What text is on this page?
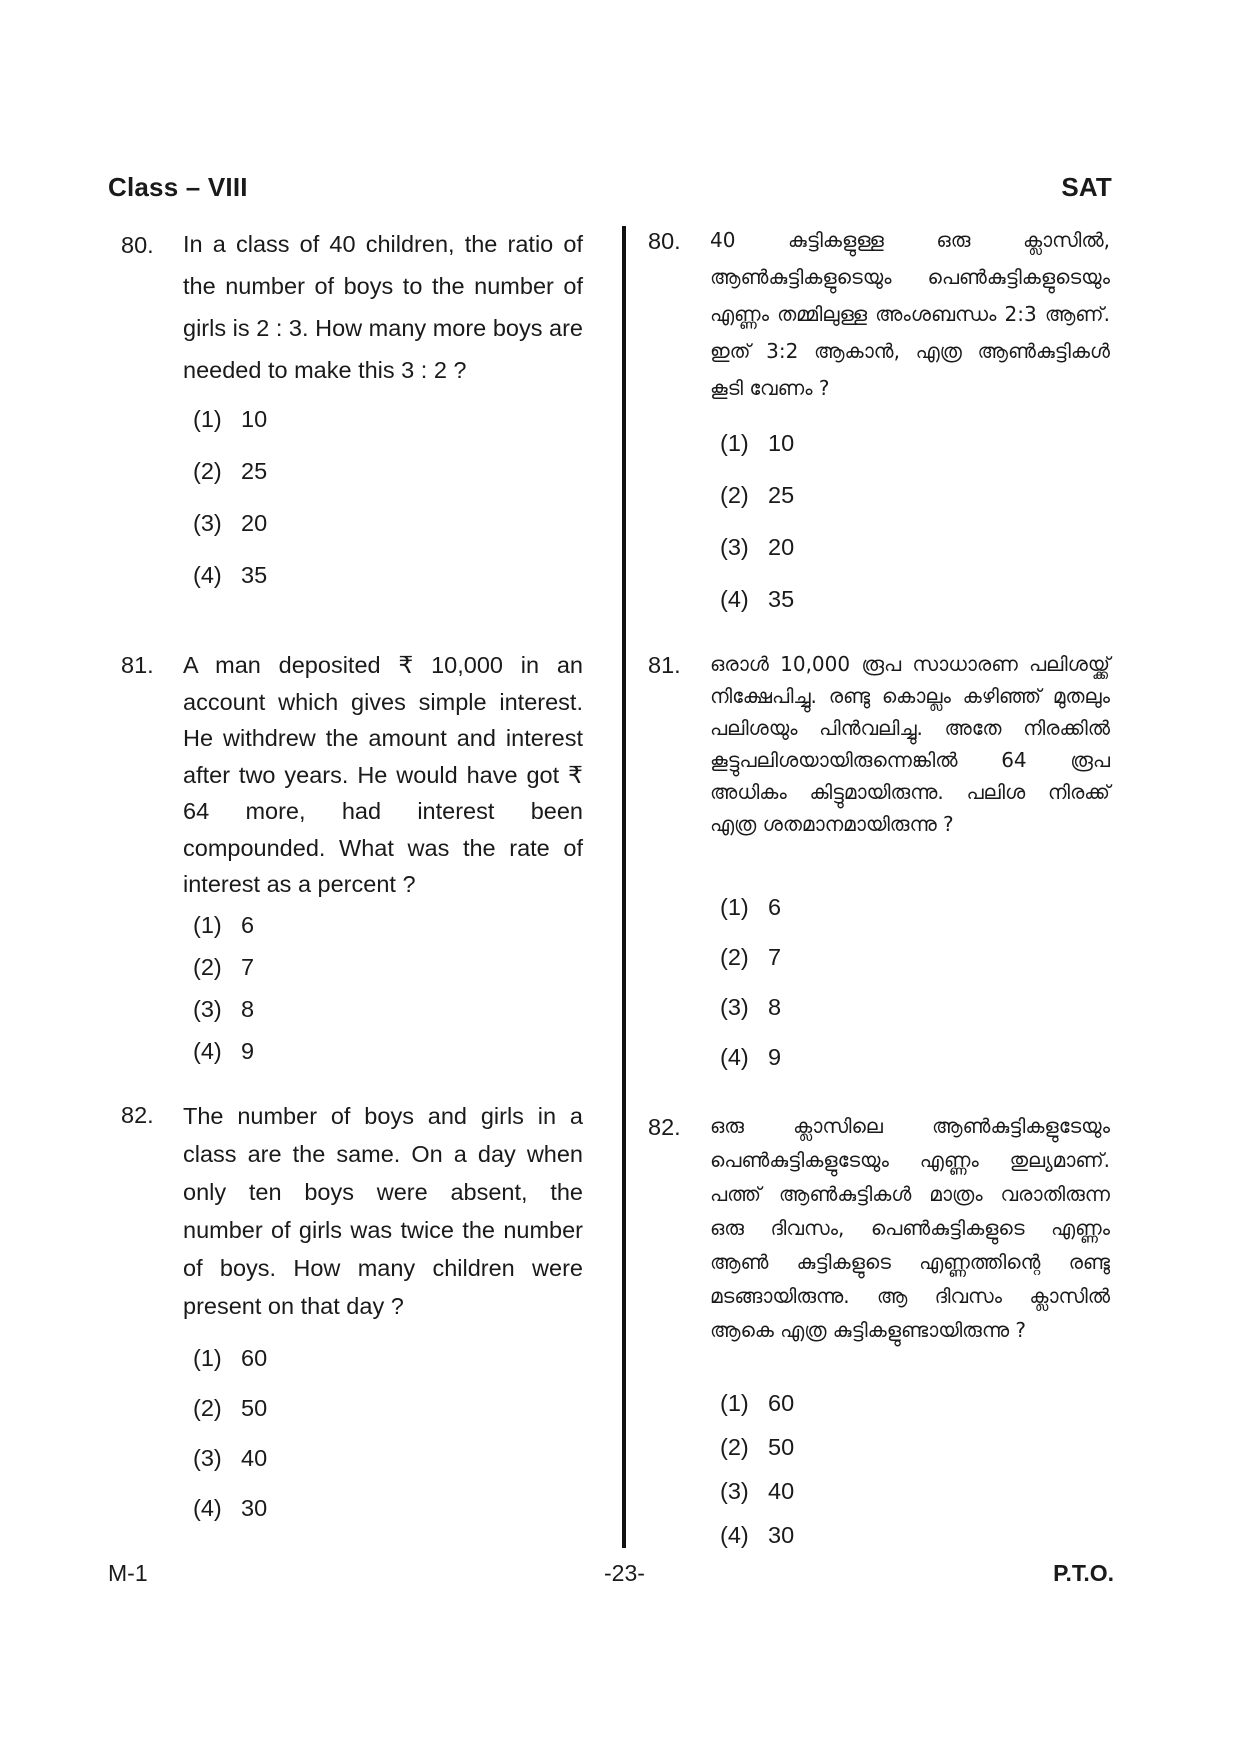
Class – VIII	SAT
80. In a class of 40 children, the ratio of the number of boys to the number of girls is 2 : 3. How many more boys are needed to make this 3 : 2 ?
(1) 10
(2) 25
(3) 20
(4) 35
81. A man deposited ₹ 10,000 in an account which gives simple interest. He withdrew the amount and interest after two years. He would have got ₹ 64 more, had interest been compounded. What was the rate of interest as a percent ?
(1) 6
(2) 7
(3) 8
(4) 9
82. The number of boys and girls in a class are the same. On a day when only ten boys were absent, the number of girls was twice the number of boys. How many children were present on that day ?
(1) 60
(2) 50
(3) 40
(4) 30
80. 40 കുട്ടികളുള്ള ഒരു ക്ലാസിൽ, ആൺകുട്ടികളുടെയും പെൺകുട്ടികളുടെയും എണ്ണം തമ്മിലുള്ള അംശബന്ധം 2:3 ആണ്. ഇത് 3:2 ആകാൻ, എത്ര ആൺകുട്ടികൾ കൂടി വേണം ?
(1) 10
(2) 25
(3) 20
(4) 35
81. ഒരാൾ 10,000 രൂപ സാധാരണ പലിശയ്ക്ക് നിക്ഷേപിച്ചു. രണ്ടു കൊല്ലം കഴിഞ്ഞ് മുതലും പലിശയും പിൻവലിച്ചു. അതേ നിരക്കിൽ കൂട്ടുപലിശയായിരുന്നെങ്കിൽ 64 രൂപ അധികം കിട്ടുമായിരുന്നു. പലിശ നിരക്ക് എത്ര ശതമാനമായിരുന്നു ?
(1) 6
(2) 7
(3) 8
(4) 9
82. ഒരു ക്ലാസിലെ ആൺകുട്ടികളുടേയും പെൺകുട്ടികളുടേയും എണ്ണം തുല്യമാണ്. പത്ത് ആൺകുട്ടികൾ മാത്രം വരാതിരുന്ന ഒരു ദിവസം, പെൺകുട്ടികളുടെ എണ്ണം ആൺ കുട്ടികളുടെ എണ്ണത്തിന്റെ രണ്ടു മടങ്ങായിരുന്നു. ആ ദിവസം ക്ലാസിൽ ആകെ എത്ര കുട്ടികളുണ്ടായിരുന്നു ?
(1) 60
(2) 50
(3) 40
(4) 30
M-1	-23-	P.T.O.
